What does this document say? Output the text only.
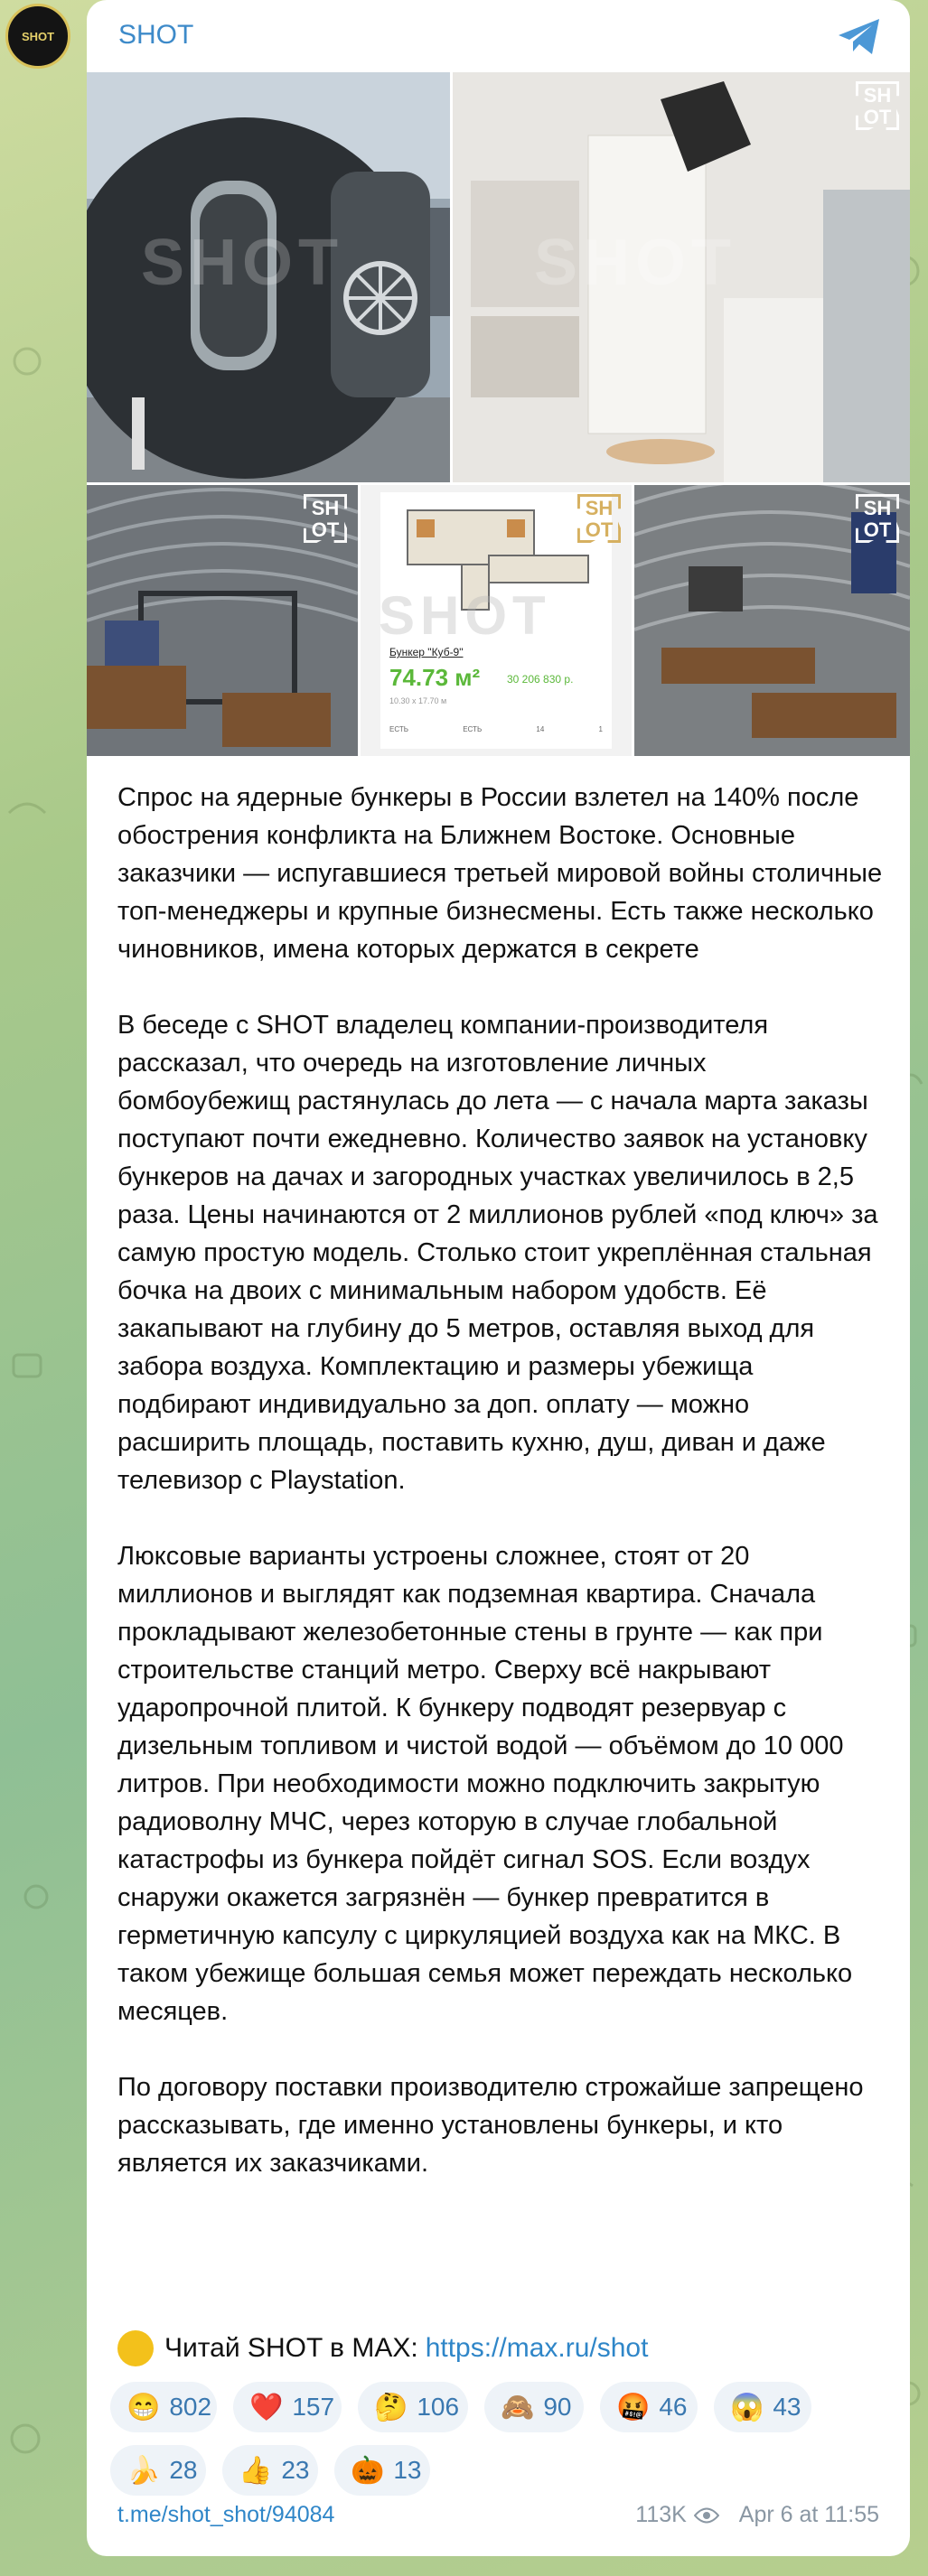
SHOT SHOT
SHOT	SHOT
SH
OT
SH
OT
Бункер "Куб-9"
74.73 м² 30 206 830 р.
10.30 х 17.70 м
ЕСТЬ	ЕСТЬ	14	1
SHOT
SH
OT
SH
OT

Спрос на ядерные бункеры в России взлетел на 140% после обострения конфликта на Ближнем Востоке. Основные заказчики — испугавшиеся третьей мировой войны столичные топ-менеджеры и крупные бизнесмены. Есть также несколько чиновников, имена которых держатся в секрете

В беседе с SHOT владелец компании-производителя рассказал, что очередь на изготовление личных бомбоубежищ растянулась до лета — с начала марта заказы поступают почти ежедневно. Количество заявок на установку бункеров на дачах и загородных участках увеличилось в 2,5 раза. Цены начинаются от 2 миллионов рублей «под ключ» за самую простую модель. Столько стоит укреплённая стальная бочка на двоих с минимальным набором удобств. Её закапывают на глубину до 5 метров, оставляя выход для забора воздуха. Комплектацию и размеры убежища подбирают индивидуально за доп. оплату — можно расширить площадь, поставить кухню, душ, диван и даже телевизор с Playstation.

Люксовые варианты устроены сложнее, стоят от 20 миллионов и выглядят как подземная квартира. Сначала прокладывают железобетонные стены в грунте — как при строительстве станций метро. Сверху всё накрывают ударопрочной плитой. К бункеру подводят резервуар с дизельным топливом и чистой водой — объёмом до 10 000 литров. При необходимости можно подключить закрытую радиоволну МЧС, через которую в случае глобальной катастрофы из бункера пойдёт сигнал SOS. Если воздух снаружи окажется загрязнён — бункер превратится в герметичную капсулу с циркуляцией воздуха как на МКС. В таком убежище большая семья может переждать несколько месяцев.

По договору поставки производителю строжайше запрещено рассказывать, где именно установлены бункеры, и кто является их заказчиками.

Читай SHOT в MAX: https://max.ru/shot
😁 802 ❤️ 157 🤔 106 🙈 90 🤬 46 😱 43
🍌 28 👍 23 🎃 13
t.me/shot_shot/94084	113K Apr 6 at 11:55
